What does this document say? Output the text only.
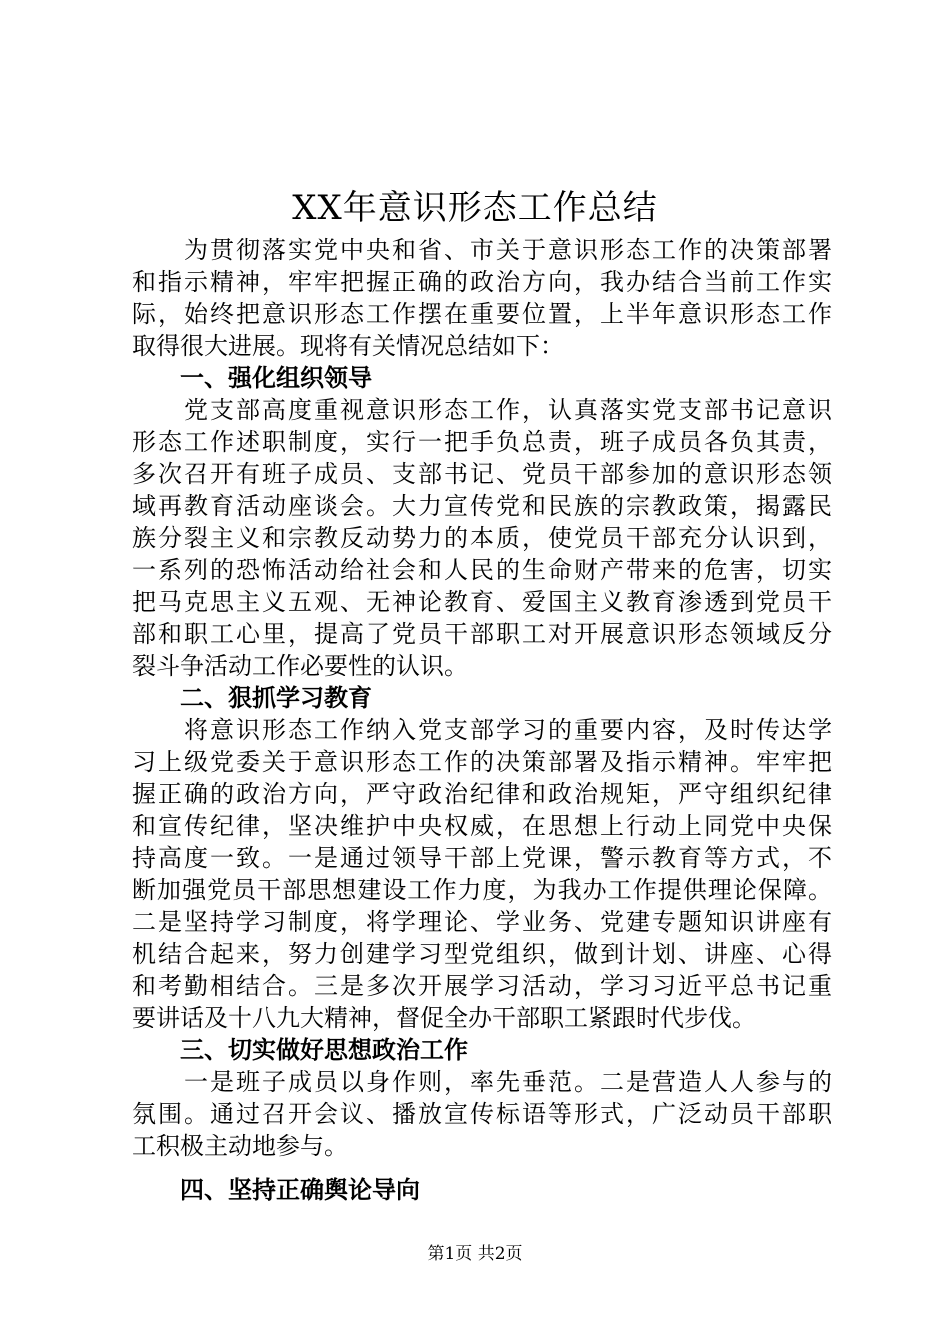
XX年意识形态工作总结
　　为贯彻落实党中央和省、市关于意识形态工作的决策部署
和指示精神，牢牢把握正确的政治方向，我办结合当前工作实
际，始终把意识形态工作摆在重要位置，上半年意识形态工作
取得很大进展。现将有关情况总结如下：
一、强化组织领导
　　党支部高度重视意识形态工作，认真落实党支部书记意识
形态工作述职制度，实行一把手负总责，班子成员各负其责，
多次召开有班子成员、支部书记、党员干部参加的意识形态领
域再教育活动座谈会。大力宣传党和民族的宗教政策，揭露民
族分裂主义和宗教反动势力的本质，使党员干部充分认识到，
一系列的恐怖活动给社会和人民的生命财产带来的危害，切实
把马克思主义五观、无神论教育、爱国主义教育渗透到党员干
部和职工心里，提高了党员干部职工对开展意识形态领域反分
裂斗争活动工作必要性的认识。
二、狠抓学习教育
　　将意识形态工作纳入党支部学习的重要内容，及时传达学
习上级党委关于意识形态工作的决策部署及指示精神。牢牢把
握正确的政治方向，严守政治纪律和政治规矩，严守组织纪律
和宣传纪律，坚决维护中央权威，在思想上行动上同党中央保
持高度一致。一是通过领导干部上党课，警示教育等方式，不
断加强党员干部思想建设工作力度，为我办工作提供理论保障。
二是坚持学习制度，将学理论、学业务、党建专题知识讲座有
机结合起来，努力创建学习型党组织，做到计划、讲座、心得
和考勤相结合。三是多次开展学习活动，学习习近平总书记重
要讲话及十八九大精神，督促全办干部职工紧跟时代步伐。
三、切实做好思想政治工作
　　一是班子成员以身作则，率先垂范。二是营造人人参与的
氛围。通过召开会议、播放宣传标语等形式，广泛动员干部职
工积极主动地参与。
四、坚持正确舆论导向
第1页 共2页
